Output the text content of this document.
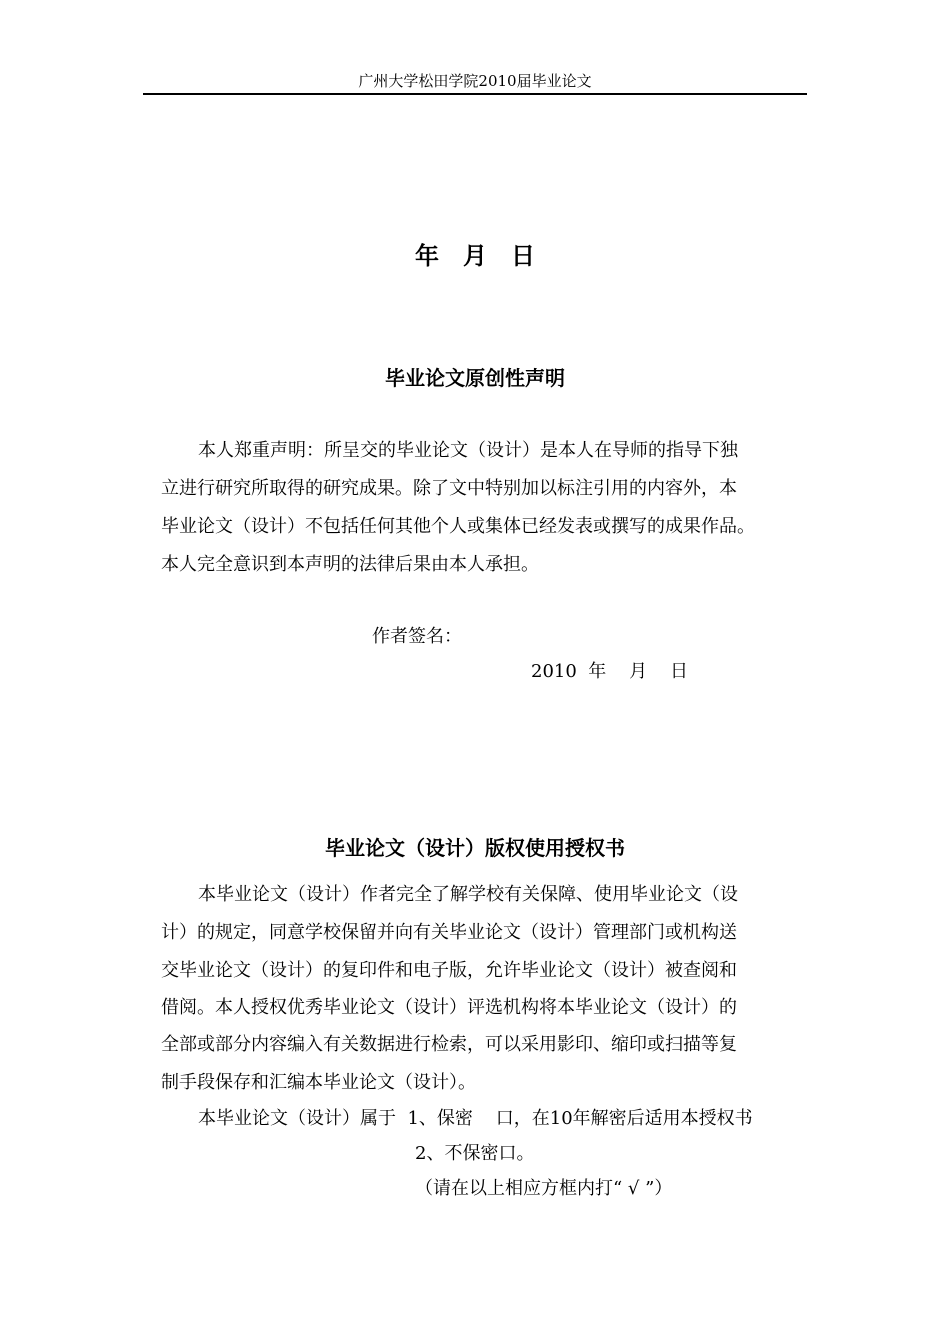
广州大学松田学院2010届毕业论文
年　月　日
毕业论文原创性声明
本人郑重声明：所呈交的毕业论文（设计）是本人在导师的指导下独
立进行研究所取得的研究成果。除了文中特别加以标注引用的内容外，本
毕业论文（设计）不包括任何其他个人或集体已经发表或撰写的成果作品。
本人完全意识到本声明的法律后果由本人承担。
作者签名：
2010  年    月    日
毕业论文（设计）版权使用授权书
本毕业论文（设计）作者完全了解学校有关保障、使用毕业论文（设
计）的规定，同意学校保留并向有关毕业论文（设计）管理部门或机构送
交毕业论文（设计）的复印件和电子版，允许毕业论文（设计）被查阅和
借阅。本人授权优秀毕业论文（设计）评选机构将本毕业论文（设计）的
全部或部分内容编入有关数据进行检索，可以采用影印、缩印或扫描等复
制手段保存和汇编本毕业论文（设计）。
本毕业论文（设计）属于  1、保密    口，在10年解密后适用本授权书
2、不保密口。
（请在以上相应方框内打“ √ ”）
